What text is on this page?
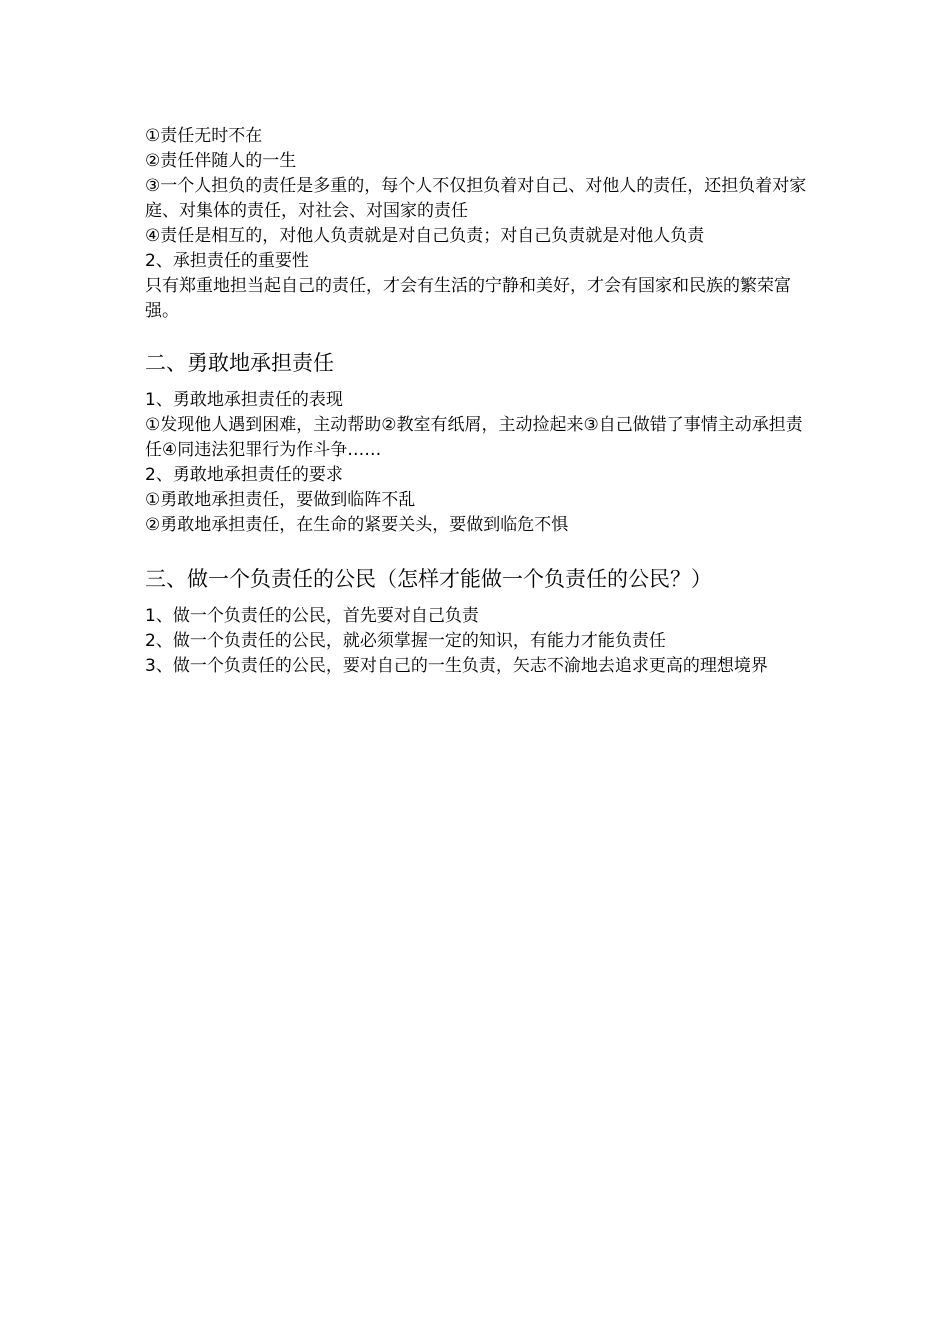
①责任无时不在

②责任伴随人的一生

③一个人担负的责任是多重的，每个人不仅担负着对自己、对他人的责任，还担负着对家庭、对集体的责任，对社会、对国家的责任

④责任是相互的，对他人负责就是对自己负责；对自己负责就是对他人负责

2、承担责任的重要性

只有郑重地担当起自己的责任，才会有生活的宁静和美好，才会有国家和民族的繁荣富强。

二、勇敢地承担责任

1、勇敢地承担责任的表现

①发现他人遇到困难，主动帮助②教室有纸屑，主动捡起来③自己做错了事情主动承担责任④同违法犯罪行为作斗争……

2、勇敢地承担责任的要求

①勇敢地承担责任，要做到临阵不乱

②勇敢地承担责任，在生命的紧要关头，要做到临危不惧

三、做一个负责任的公民（怎样才能做一个负责任的公民？）

1、做一个负责任的公民，首先要对自己负责

2、做一个负责任的公民，就必须掌握一定的知识，有能力才能负责任

3、做一个负责任的公民，要对自己的一生负责，矢志不渝地去追求更高的理想境界
